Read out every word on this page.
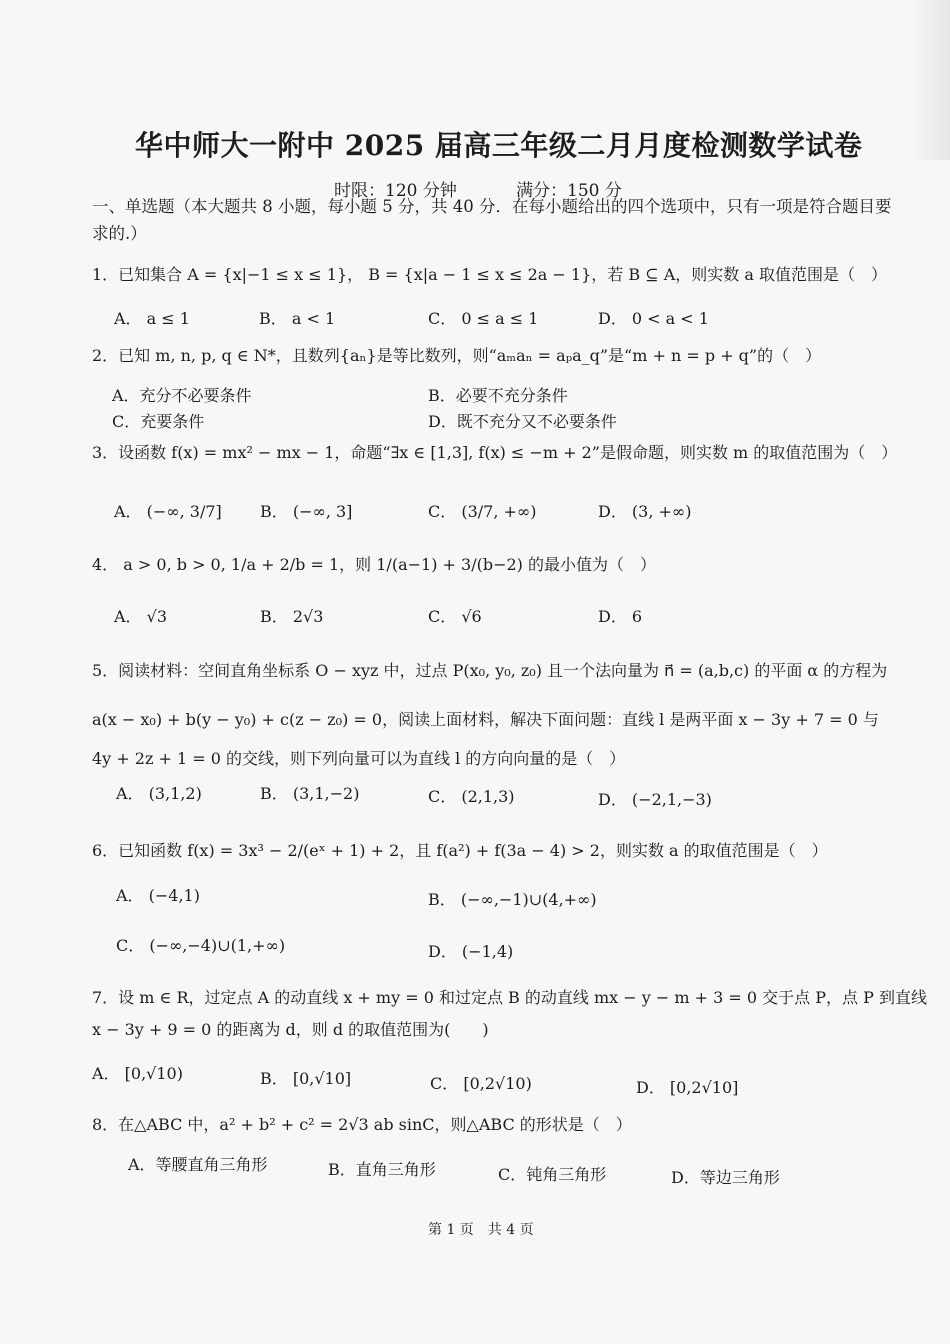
华中师大一附中 2025 届高三年级二月月度检测数学试卷
时限：120 分钟	满分：150 分
一、单选题（本大题共 8 小题，每小题 5 分，共 40 分．在每小题给出的四个选项中，只有一项是符合题目要求的.）
1．已知集合 A = {x|−1 ≤ x ≤ 1}， B = {x|a − 1 ≤ x ≤ 2a − 1}，若 B ⊆ A，则实数 a 取值范围是（　）
A． a ≤ 1	B． a < 1	C． 0 ≤ a ≤ 1	D． 0 < a < 1
2．已知 m, n, p, q ∈ N*，且数列{aₙ}是等比数列，则“aₘaₙ = aₚa_q”是“m + n = p + q”的（　）
A．充分不必要条件	B．必要不充分条件
C．充要条件	D．既不充分又不必要条件
3．设函数 f(x) = mx² − mx − 1，命题“∃x ∈ [1,3], f(x) ≤ −m + 2”是假命题，则实数 m 的取值范围为（　）
A． (−∞, 3/7] B． (−∞, 3]	C． (3/7, +∞)	D． (3, +∞)
4． a > 0, b > 0, 1/a + 2/b = 1，则 1/(a−1) + 3/(b−2) 的最小值为（　）
A． √3	B． 2√3	C． √6	D． 6
5．阅读材料：空间直角坐标系 O − xyz 中，过点 P(x₀, y₀, z₀) 且一个法向量为 n⃗ = (a,b,c) 的平面 α 的方程为
a(x − x₀) + b(y − y₀) + c(z − z₀) = 0，阅读上面材料，解决下面问题：直线 l 是两平面 x − 3y + 7 = 0 与
4y + 2z + 1 = 0 的交线，则下列向量可以为直线 l 的方向向量的是（　）
A． (3,1,2)	B． (3,1,−2)	C． (2,1,3)	D． (−2,1,−3)
6．已知函数 f(x) = 3x³ − 2/(eˣ + 1) + 2，且 f(a²) + f(3a − 4) > 2，则实数 a 的取值范围是（　）
A． (−4,1)	B． (−∞,−1)∪(4,+∞)
C． (−∞,−4)∪(1,+∞)	D． (−1,4)
7．设 m ∈ R，过定点 A 的动直线 x + my = 0 和过定点 B 的动直线 mx − y − m + 3 = 0 交于点 P，点 P 到直线
x − 3y + 9 = 0 的距离为 d，则 d 的取值范围为(　　)
A． [0,√10)	B． [0,√10]	C． [0,2√10)	D． [0,2√10]
8．在△ABC 中，a² + b² + c² = 2√3 ab sinC，则△ABC 的形状是（　）
A．等腰直角三角形	B．直角三角形	C．钝角三角形	D．等边三角形
第 1 页　共 4 页
